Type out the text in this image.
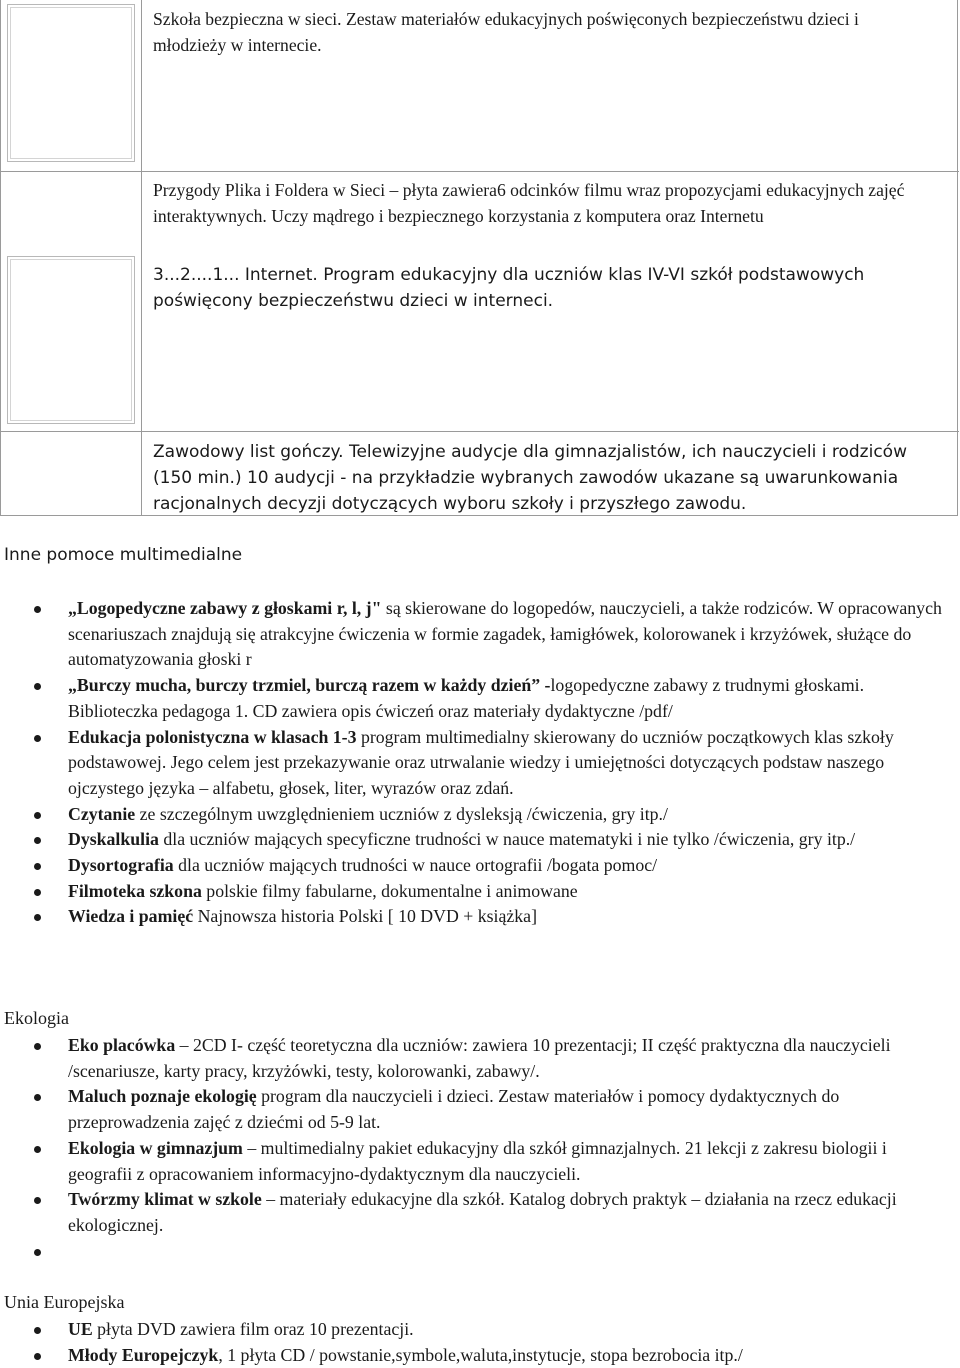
Szkoła bezpieczna w sieci. Zestaw materiałów edukacyjnych poświęconych bezpieczeństwu dzieci i młodzieży w internecie.
Przygody Plika i Foldera w Sieci – płyta zawiera6 odcinków filmu wraz propozycjami edukacyjnych zajęć interaktywnych. Uczy mądrego i bezpiecznego korzystania z komputera oraz Internetu
3...2....1... Internet. Program edukacyjny dla uczniów klas IV-VI szkół podstawowych poświęcony bezpieczeństwu dzieci w interneci.
Zawodowy list gończy. Telewizyjne audycje dla gimnazjalistów, ich nauczycieli i rodziców (150 min.) 10 audycji - na przykładzie wybranych zawodów ukazane są uwarunkowania racjonalnych decyzji dotyczących wyboru szkoły i przyszłego zawodu.
Inne pomoce multimedialne
„Logopedyczne zabawy z głoskami r, l, j" są skierowane do logopedów, nauczycieli, a także rodziców. W opracowanych scenariuszach znajdują się atrakcyjne ćwiczenia w formie zagadek, łamigłówek, kolorowanek i krzyżówek, służące do automatyzowania głoski r
„Burczy mucha, burczy trzmiel, burczą razem w każdy dzień” -logopedyczne zabawy z trudnymi głoskami. Biblioteczka pedagoga 1. CD zawiera opis ćwiczeń oraz materiały dydaktyczne /pdf/
Edukacja polonistyczna w klasach 1-3 program multimedialny skierowany do uczniów początkowych klas szkoły podstawowej. Jego celem jest przekazywanie oraz utrwalanie wiedzy i umiejętności dotyczących podstaw naszego ojczystego języka – alfabetu, głosek, liter, wyrazów oraz zdań.
Czytanie ze szczególnym uwzględnieniem uczniów z dysleksją /ćwiczenia, gry itp./
Dyskalkulia dla uczniów mających specyficzne trudności w nauce matematyki i nie tylko /ćwiczenia, gry itp./
Dysortografia dla uczniów mających trudności w nauce ortografii /bogata pomoc/
Filmoteka szkona polskie filmy fabularne, dokumentalne i animowane
Wiedza i pamięć Najnowsza historia Polski [ 10 DVD + książka]
Ekologia
Eko placówka – 2CD I- część teoretyczna dla uczniów: zawiera 10 prezentacji; II część praktyczna dla nauczycieli /scenariusze, karty pracy, krzyżówki, testy, kolorowanki, zabawy/.
Maluch poznaje ekologię program dla nauczycieli i dzieci. Zestaw materiałów i pomocy dydaktycznych do przeprowadzenia zajęć z dziećmi od 5-9 lat.
Ekologia w gimnazjum – multimedialny pakiet edukacyjny dla szkół gimnazjalnych. 21 lekcji z zakresu biologii i geografii z opracowaniem informacyjno-dydaktycznym dla nauczycieli.
Twórzmy klimat w szkole – materiały edukacyjne dla szkół. Katalog dobrych praktyk – działania na rzecz edukacji ekologicznej.
Unia Europejska
UE płyta DVD zawiera film oraz 10 prezentacji.
Młody Europejczyk, 1 płyta CD / powstanie,symbole,waluta,instytucje, stopa bezrobocia itp./
